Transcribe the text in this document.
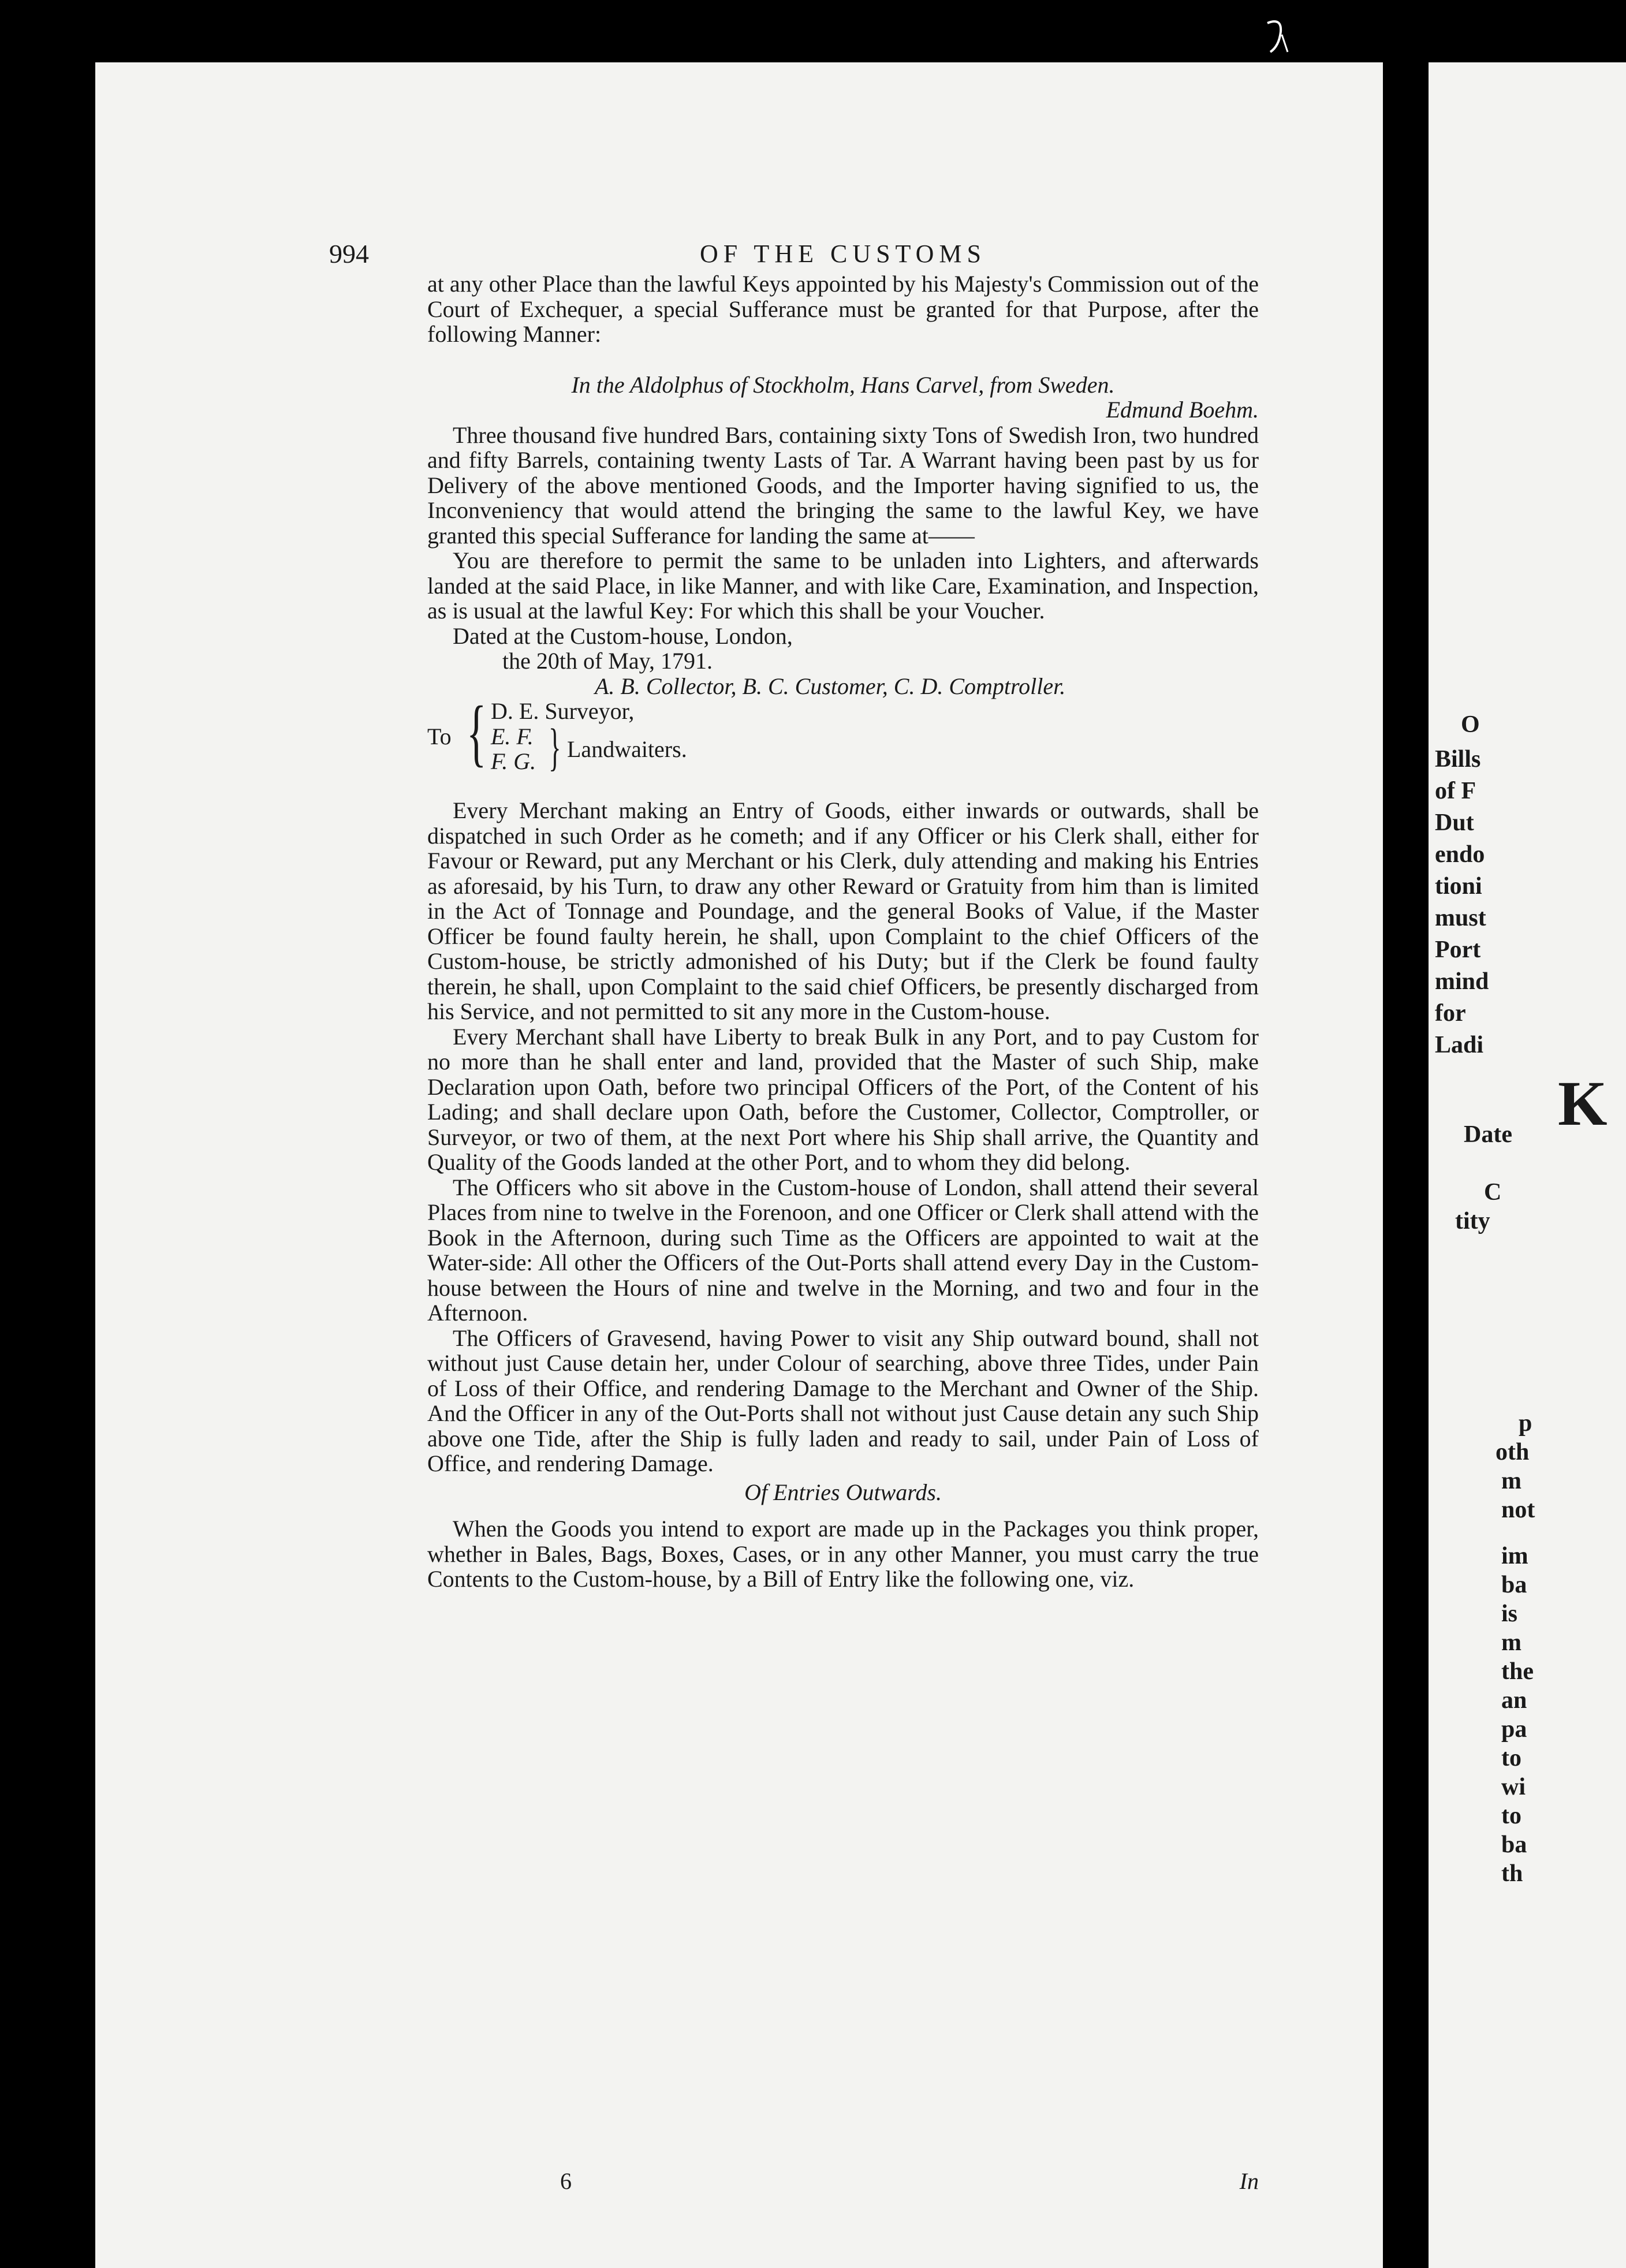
K
994	OF THE CUSTOMS

at any other Place than the lawful Keys appointed by his Majesty's Commission out of the Court of Exchequer, a special Sufferance must be granted for that Purpose, after the following Manner:

In the Aldolphus of Stockholm, Hans Carvel, from Sweden.

Edmund Boehm.

Three thousand five hundred Bars, containing sixty Tons of Swedish Iron, two hundred and fifty Barrels, containing twenty Lasts of Tar. A Warrant having been past by us for Delivery of the above mentioned Goods, and the Importer having signified to us, the Inconveniency that would attend the bringing the same to the lawful Key, we have granted this special Sufferance for landing the same at——

You are therefore to permit the same to be unladen into Lighters, and afterwards landed at the said Place, in like Manner, and with like Care, Examination, and Inspection, as is usual at the lawful Key: For which this shall be your Voucher.

Dated at the Custom-house, London,

the 20th of May, 1791.

A. B. Collector, B. C. Customer, C. D. Comptroller.

To { D. E. Surveyor,
E. F.
F. G. } Landwaiters.

Every Merchant making an Entry of Goods, either inwards or outwards, shall be dispatched in such Order as he cometh; and if any Officer or his Clerk shall, either for Favour or Reward, put any Merchant or his Clerk, duly attending and making his Entries as aforesaid, by his Turn, to draw any other Reward or Gratuity from him than is limited in the Act of Tonnage and Poundage, and the general Books of Value, if the Master Officer be found faulty herein, he shall, upon Complaint to the chief Officers of the Custom-house, be strictly admonished of his Duty; but if the Clerk be found faulty therein, he shall, upon Complaint to the said chief Officers, be presently discharged from his Service, and not permitted to sit any more in the Custom-house.

Every Merchant shall have Liberty to break Bulk in any Port, and to pay Custom for no more than he shall enter and land, provided that the Master of such Ship, make Declaration upon Oath, before two principal Officers of the Port, of the Content of his Lading; and shall declare upon Oath, before the Customer, Collector, Comptroller, or Surveyor, or two of them, at the next Port where his Ship shall arrive, the Quantity and Quality of the Goods landed at the other Port, and to whom they did belong.

The Officers who sit above in the Custom-house of London, shall attend their several Places from nine to twelve in the Forenoon, and one Officer or Clerk shall attend with the Book in the Afternoon, during such Time as the Officers are appointed to wait at the Water-side: All other the Officers of the Out-Ports shall attend every Day in the Custom-house between the Hours of nine and twelve in the Morning, and two and four in the Afternoon.

The Officers of Gravesend, having Power to visit any Ship outward bound, shall not without just Cause detain her, under Colour of searching, above three Tides, under Pain of Loss of their Office, and rendering Damage to the Merchant and Owner of the Ship. And the Officer in any of the Out-Ports shall not without just Cause detain any such Ship above one Tide, after the Ship is fully laden and ready to sail, under Pain of Loss of Office, and rendering Damage.

Of Entries Outwards.

When the Goods you intend to export are made up in the Packages you think proper, whether in Bales, Bags, Boxes, Cases, or in any other Manner, you must carry the true Contents to the Custom-house, by a Bill of Entry like the following one, viz.

6	In
O
Bills
of F
Dut
endo
tioni
must
Port
mind
for
Ladi
Date
C
tity
p
oth
m
not
im
ba
is
m
the
an
pa
to
wi
to
ba
th
